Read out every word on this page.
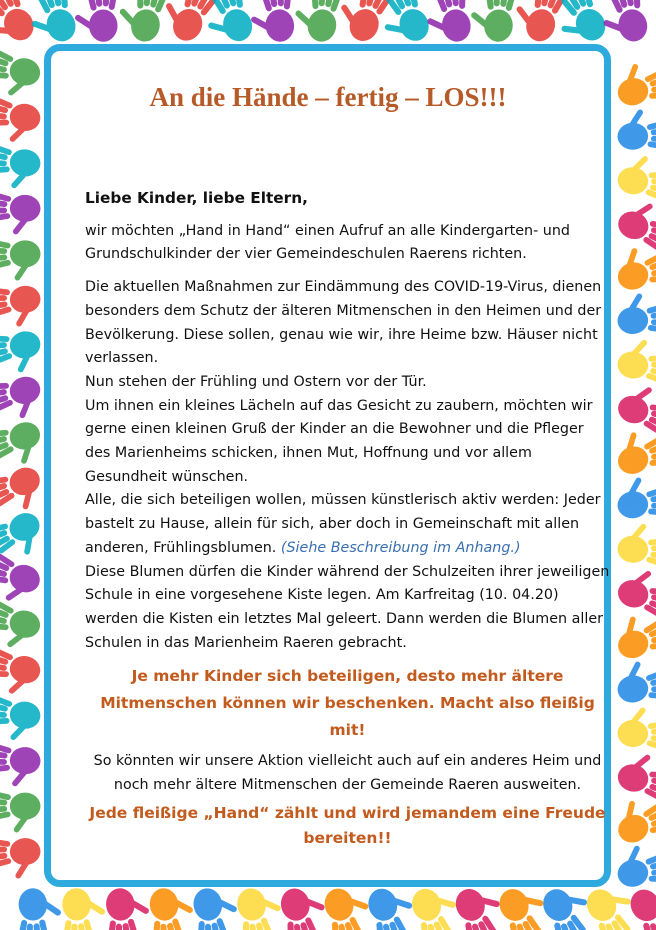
An die Hände – fertig – LOS!!!

Liebe Kinder, liebe Eltern,

wir möchten „Hand in Hand“ einen Aufruf an alle Kindergarten- und Grundschulkinder der vier Gemeindeschulen Raerens richten.

Die aktuellen Maßnahmen zur Eindämmung des COVID-19-Virus, dienen besonders dem Schutz der älteren Mitmenschen in den Heimen und der Bevölkerung. Diese sollen, genau wie wir, ihre Heime bzw. Häuser nicht verlassen.

Nun stehen der Frühling und Ostern vor der Tür.

Um ihnen ein kleines Lächeln auf das Gesicht zu zaubern, möchten wir gerne einen kleinen Gruß der Kinder an die Bewohner und die Pfleger des Marienheims schicken, ihnen Mut, Hoffnung und vor allem Gesundheit wünschen.

Alle, die sich beteiligen wollen, müssen künstlerisch aktiv werden: Jeder bastelt zu Hause, allein für sich, aber doch in Gemeinschaft mit allen anderen, Frühlingsblumen. (Siehe Beschreibung im Anhang.)

Diese Blumen dürfen die Kinder während der Schulzeiten ihrer jeweiligen Schule in eine vorgesehene Kiste legen. Am Karfreitag (10. 04.20) werden die Kisten ein letztes Mal geleert. Dann werden die Blumen aller Schulen in das Marienheim Raeren gebracht.

Je mehr Kinder sich beteiligen, desto mehr ältere Mitmenschen können wir beschenken. Macht also fleißig mit!

So könnten wir unsere Aktion vielleicht auch auf ein anderes Heim und noch mehr ältere Mitmenschen der Gemeinde Raeren ausweiten.

Jede fleißige „Hand“ zählt und wird jemandem eine Freude bereiten!!
